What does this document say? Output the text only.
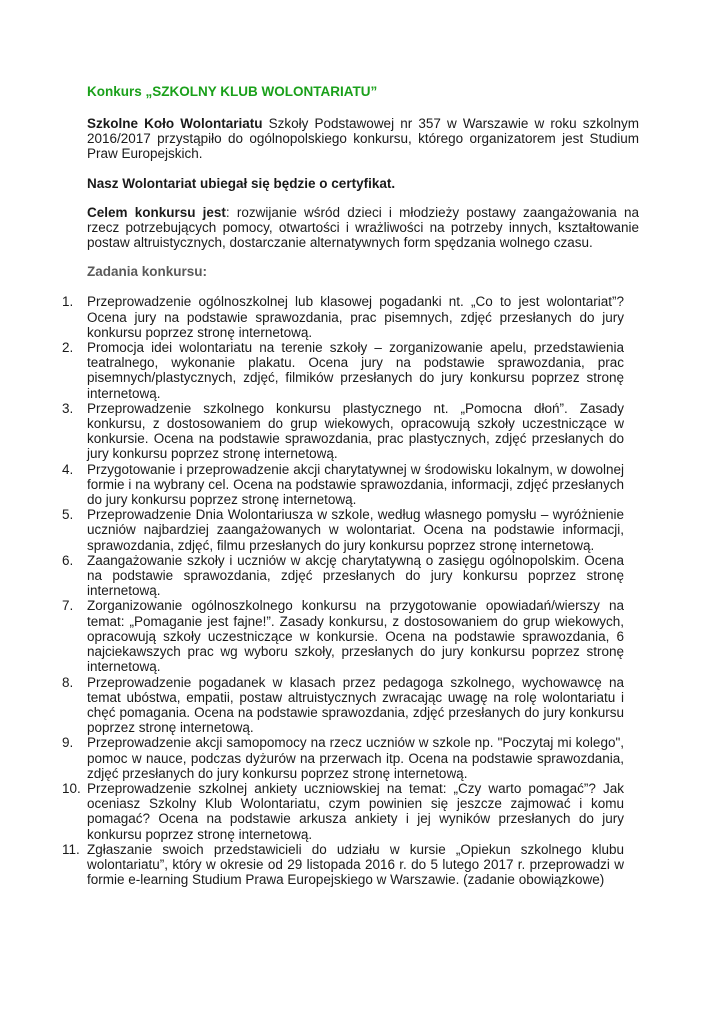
Konkurs „SZKOLNY KLUB WOLONTARIATU”

Szkolne Koło Wolontariatu Szkoły Podstawowej nr 357 w Warszawie w roku szkolnym 2016/2017 przystąpiło do ogólnopolskiego konkursu, którego organizatorem jest Studium Praw Europejskich.

Nasz Wolontariat ubiegał się będzie o certyfikat.

Celem konkursu jest: rozwijanie wśród dzieci i młodzieży postawy zaangażowania na rzecz potrzebujących pomocy, otwartości i wrażliwości na potrzeby innych, kształtowanie postaw altruistycznych, dostarczanie alternatywnych form spędzania wolnego czasu.

Zadania konkursu:
1.	Przeprowadzenie ogólnoszkolnej lub klasowej pogadanki nt. „Co to jest wolontariat”? Ocena jury na podstawie sprawozdania, prac pisemnych, zdjęć przesłanych do jury konkursu poprzez stronę internetową.
2.	Promocja idei wolontariatu na terenie szkoły – zorganizowanie apelu, przedstawienia teatralnego, wykonanie plakatu. Ocena jury na podstawie sprawozdania, prac pisemnych/plastycznych, zdjęć, filmików przesłanych do jury konkursu poprzez stronę internetową.
3.	Przeprowadzenie szkolnego konkursu plastycznego nt. „Pomocna dłoń”. Zasady konkursu, z dostosowaniem do grup wiekowych, opracowują szkoły uczestniczące w konkursie. Ocena na podstawie sprawozdania, prac plastycznych, zdjęć przesłanych do jury konkursu poprzez stronę internetową.
4.	Przygotowanie i przeprowadzenie akcji charytatywnej w środowisku lokalnym, w dowolnej formie i na wybrany cel. Ocena na podstawie sprawozdania, informacji, zdjęć przesłanych do jury konkursu poprzez stronę internetową.
5.	Przeprowadzenie Dnia Wolontariusza w szkole, według własnego pomysłu – wyróżnienie uczniów najbardziej zaangażowanych w wolontariat. Ocena na podstawie informacji, sprawozdania, zdjęć, filmu przesłanych do jury konkursu poprzez stronę internetową.
6.	Zaangażowanie szkoły i uczniów w akcję charytatywną o zasięgu ogólnopolskim. Ocena na podstawie sprawozdania, zdjęć przesłanych do jury konkursu poprzez stronę internetową.
7.	Zorganizowanie ogólnoszkolnego konkursu na przygotowanie opowiadań/wierszy na temat: „Pomaganie jest fajne!”. Zasady konkursu, z dostosowaniem do grup wiekowych, opracowują szkoły uczestniczące w konkursie. Ocena na podstawie sprawozdania, 6 najciekawszych prac wg wyboru szkoły, przesłanych do jury konkursu poprzez stronę internetową.
8.	Przeprowadzenie pogadanek w klasach przez pedagoga szkolnego, wychowawcę na temat ubóstwa, empatii, postaw altruistycznych zwracając uwagę na rolę wolontariatu i chęć pomagania. Ocena na podstawie sprawozdania, zdjęć przesłanych do jury konkursu poprzez stronę internetową.
9.	Przeprowadzenie akcji samopomocy na rzecz uczniów w szkole np. "Poczytaj mi kolego", pomoc w nauce, podczas dyżurów na przerwach itp. Ocena na podstawie sprawozdania, zdjęć przesłanych do jury konkursu poprzez stronę internetową.
10. Przeprowadzenie szkolnej ankiety uczniowskiej na temat: „Czy warto pomagać”? Jak oceniasz Szkolny Klub Wolontariatu, czym powinien się jeszcze zajmować i komu pomagać? Ocena na podstawie arkusza ankiety i jej wyników przesłanych do jury konkursu poprzez stronę internetową.
11. Zgłaszanie swoich przedstawicieli do udziału w kursie „Opiekun szkolnego klubu wolontariatu”, który w okresie od 29 listopada 2016 r. do 5 lutego 2017 r. przeprowadzi w formie e-learning Studium Prawa Europejskiego w Warszawie. (zadanie obowiązkowe)
